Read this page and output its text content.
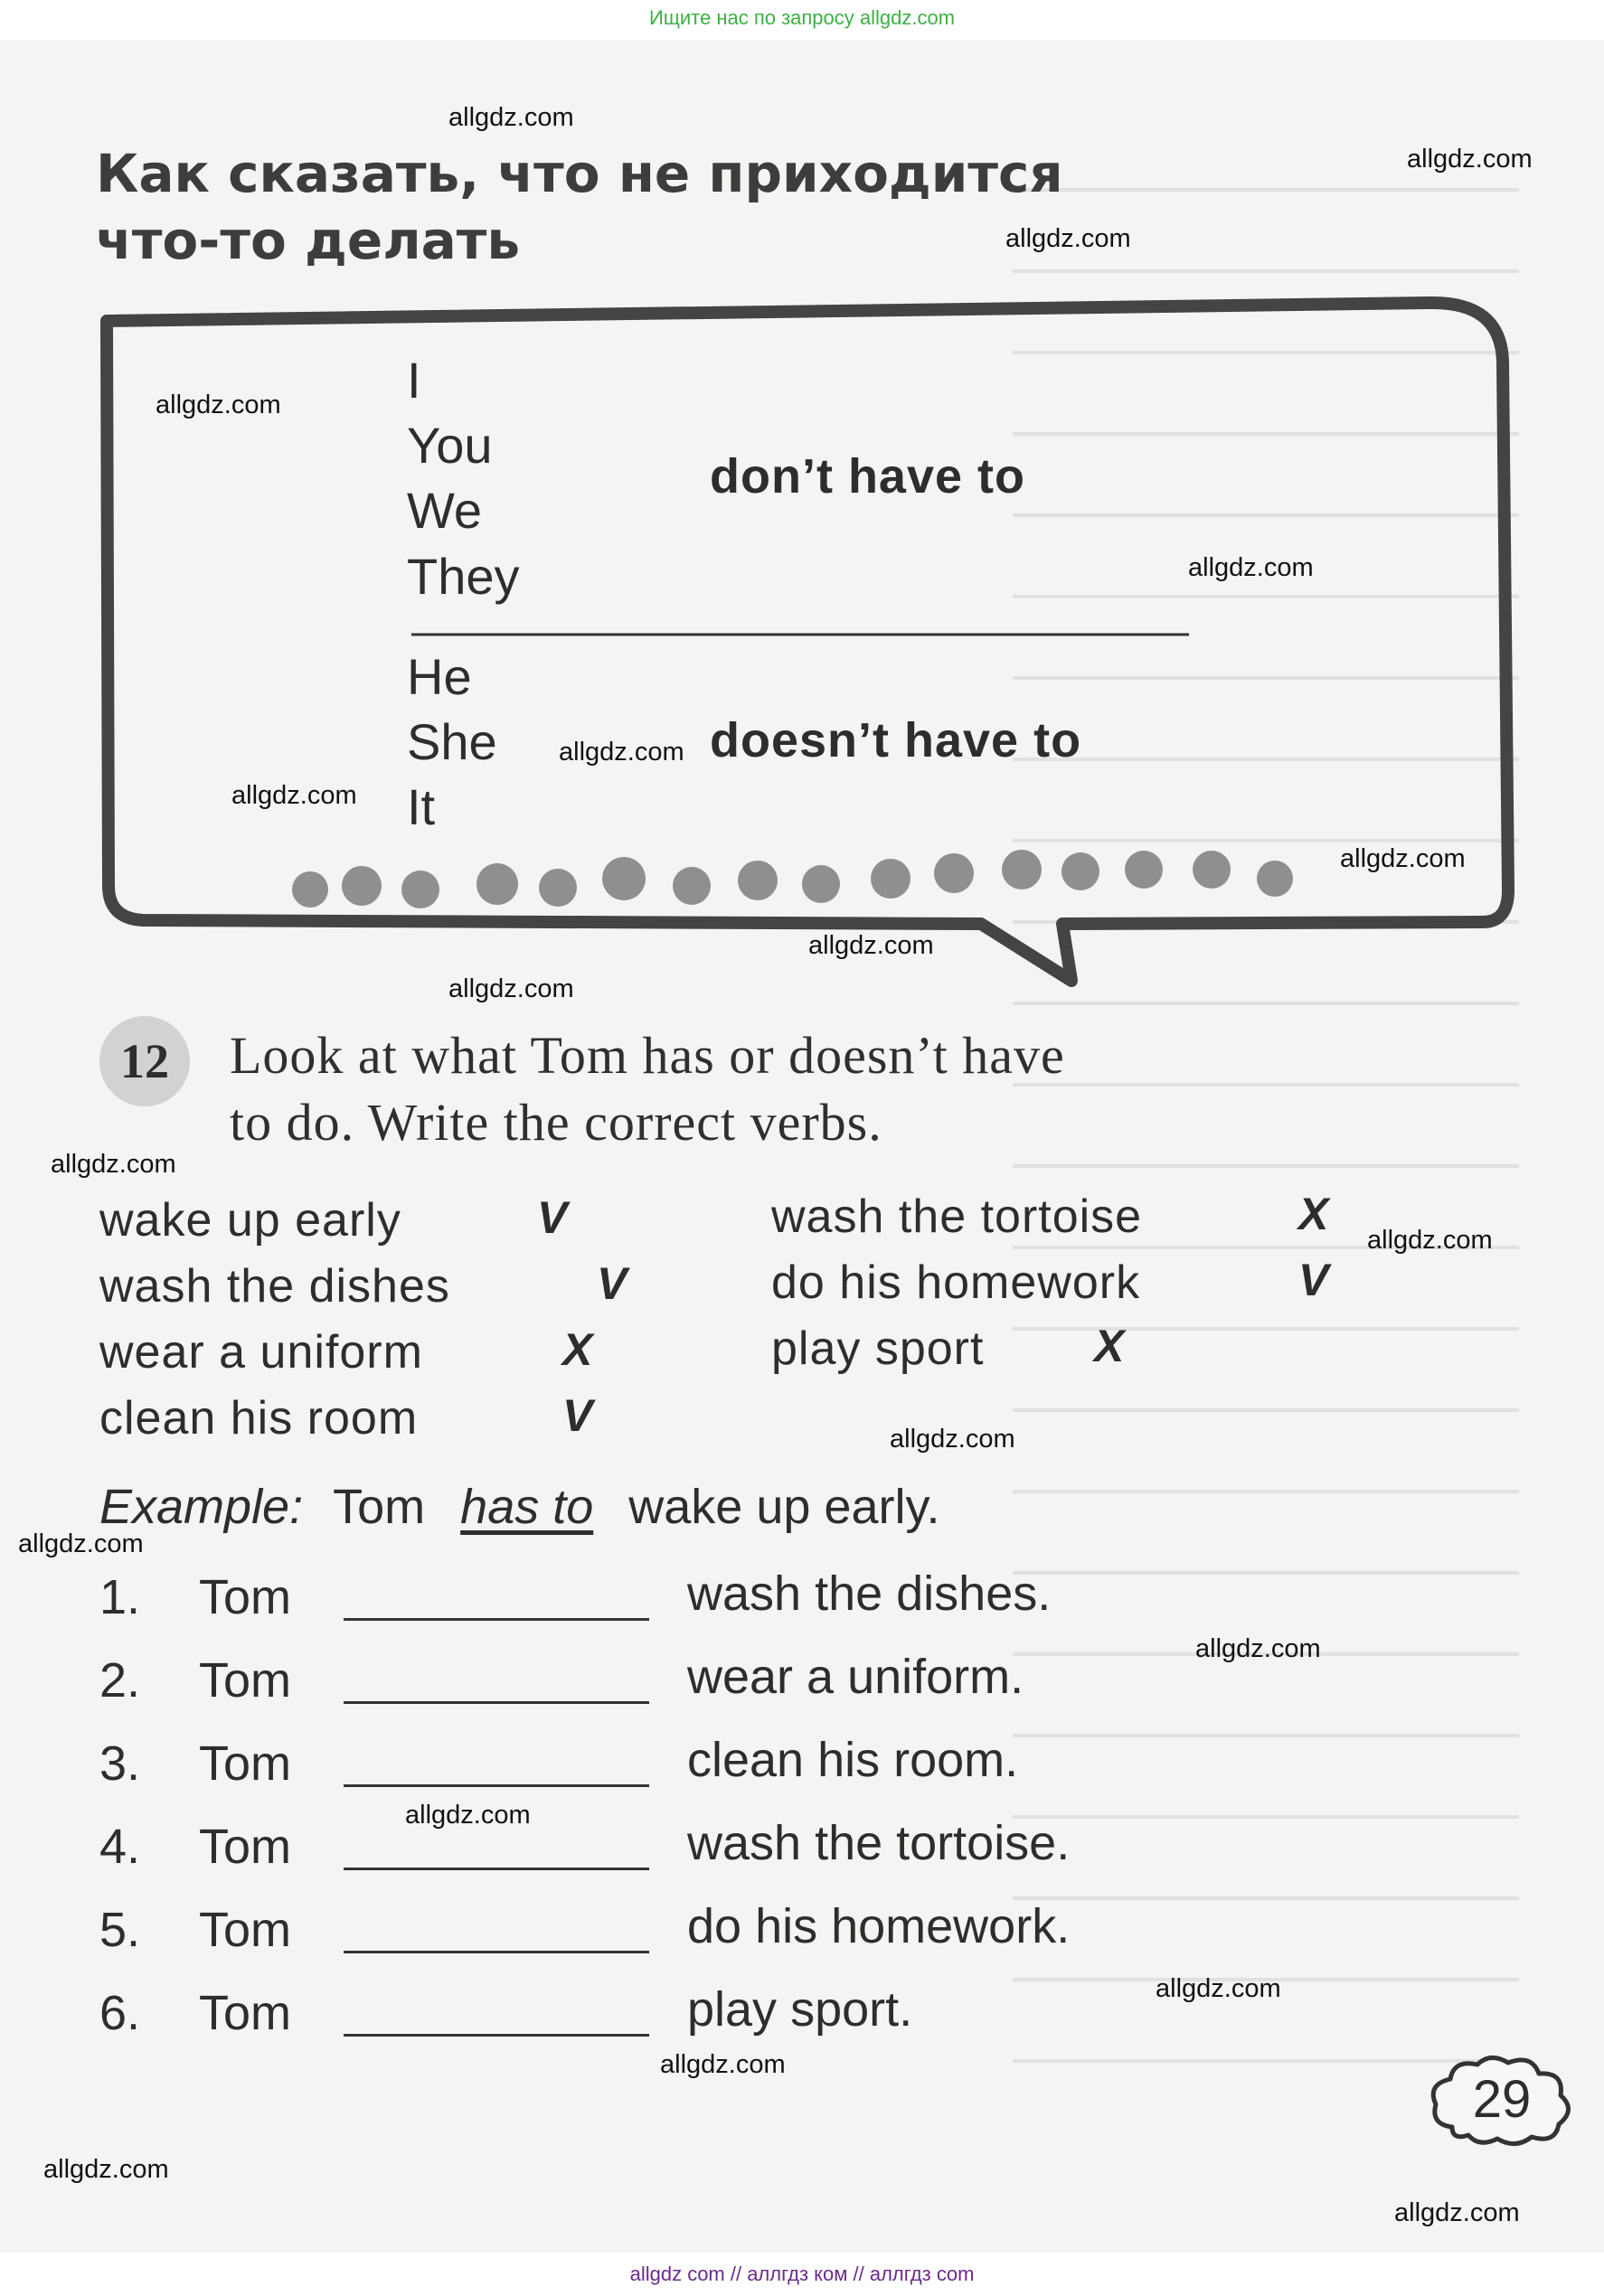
Ищите нас по запросу allgdz.com
Как сказать, что не приходится
что-то делать
I
You
We
They
don’t have to
He
She
It
doesn’t have to
12	Look at what Tom has or doesn’t have
to do. Write the correct verbs.
wake up early	V
wash the dishes	V
wear a uniform	X
clean his room	V
wash the tortoise	X
do his homework	V
play sport X
Example: Tom has to wake up early.
1. Tom	wash the dishes.
2. Tom	wear a uniform.
3. Tom	clean his room.
4. Tom	wash the tortoise.
5. Tom	do his homework.
6. Tom	play sport.
29
allgdz.com
allgdz.com
allgdz.com
allgdz.com
allgdz.com
allgdz.com
allgdz.com
allgdz.com
allgdz.com
allgdz.com
allgdz.com
allgdz.com
allgdz.com
allgdz.com
allgdz.com
allgdz.com
allgdz.com
allgdz.com
allgdz.com
allgdz.com
allgdz com // аллгдз ком // аллгдз com
